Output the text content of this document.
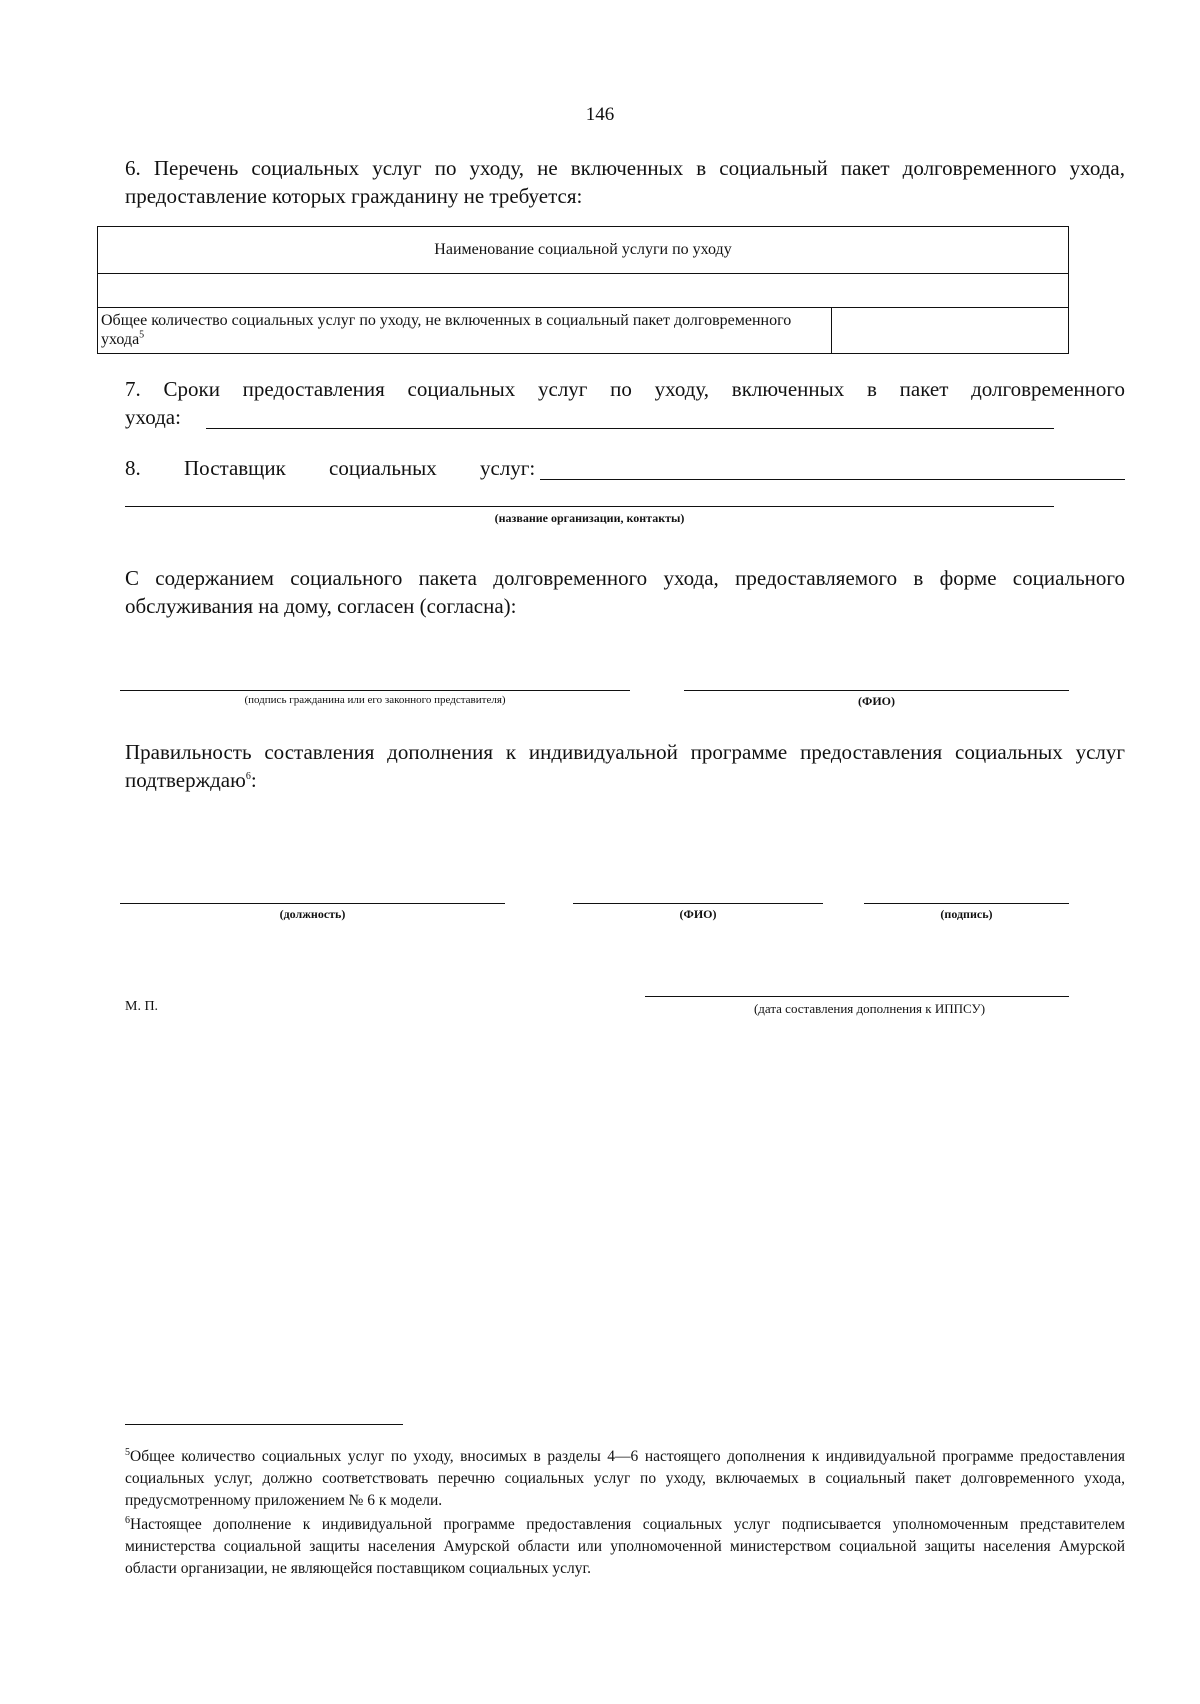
146
6. Перечень социальных услуг по уходу, не включенных в социальный пакет долговременного ухода, предоставление которых гражданину не требуется:
Наименование социальной услуги по уходу

Общее количество социальных услуг по уходу, не включенных в социальный пакет долговременного ухода$^5$	
7. Сроки предоставления социальных услуг по уходу, включенных в пакет долговременного
ухода:
8. Поставщик социальных услуг:
(название организации, контакты)
С содержанием социального пакета долговременного ухода, предоставляемого в форме социального обслуживания на дому, согласен (согласна):
(подпись гражданина или его законного представителя)	(ФИО)
Правильность составления дополнения к индивидуальной программе предоставления социальных услуг подтверждаю$^6$:
(должность)	(ФИО)	(подпись)
М. П.	(дата составления дополнения к ИППСУ)
$^5$Общее количество социальных услуг по уходу, вносимых в разделы 4—6 настоящего дополнения к индивидуальной программе предоставления социальных услуг, должно соответствовать перечню социальных услуг по уходу, включаемых в социальный пакет долговременного ухода, предусмотренному приложением № 6 к модели.
$^6$Настоящее дополнение к индивидуальной программе предоставления социальных услуг подписывается уполномоченным представителем министерства социальной защиты населения Амурской области или уполномоченной министерством социальной защиты населения Амурской области организации, не являющейся поставщиком социальных услуг.
